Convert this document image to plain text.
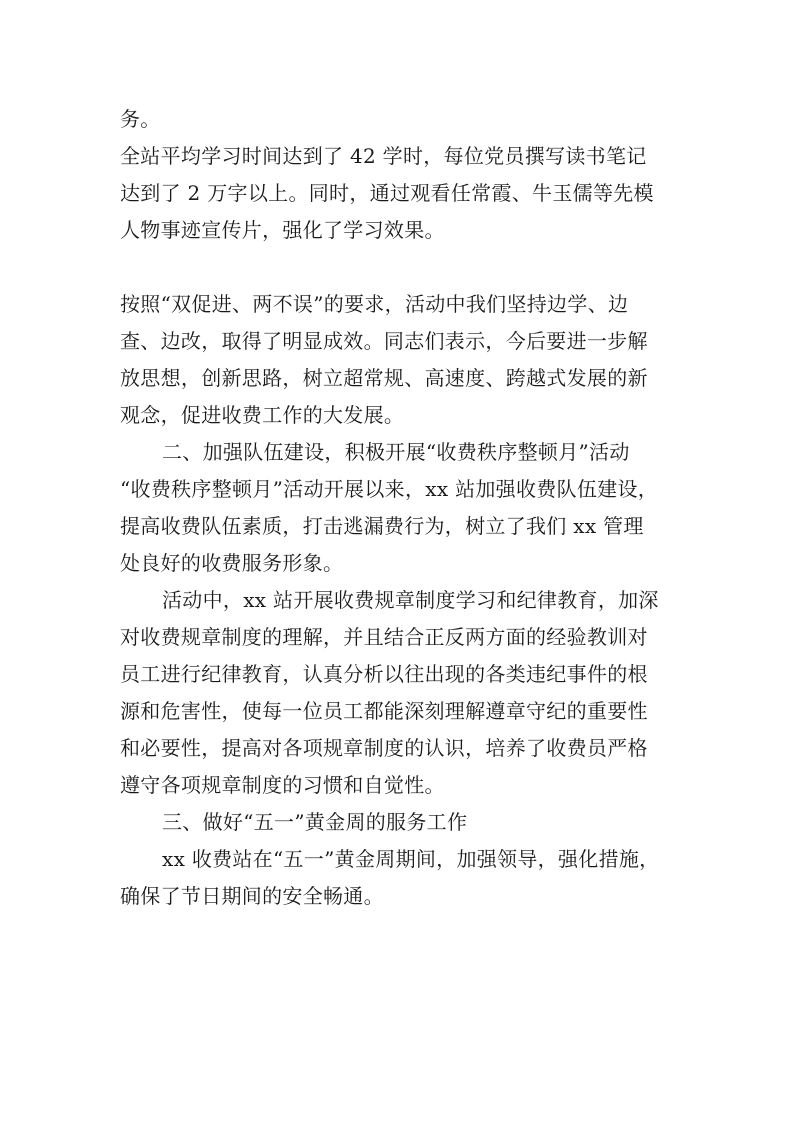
务。
全站平均学习时间达到了 42 学时，每位党员撰写读书笔记
达到了 2 万字以上。同时，通过观看任常霞、牛玉儒等先模
人物事迹宣传片，强化了学习效果。
按照“双促进、两不误”的要求，活动中我们坚持边学、边
查、边改，取得了明显成效。同志们表示，今后要进一步解
放思想，创新思路，树立超常规、高速度、跨越式发展的新
观念，促进收费工作的大发展。
二、加强队伍建设，积极开展“收费秩序整顿月”活动
“收费秩序整顿月”活动开展以来，xx 站加强收费队伍建设，
提高收费队伍素质，打击逃漏费行为，树立了我们 xx 管理
处良好的收费服务形象。
活动中，xx 站开展收费规章制度学习和纪律教育，加深
对收费规章制度的理解，并且结合正反两方面的经验教训对
员工进行纪律教育，认真分析以往出现的各类违纪事件的根
源和危害性，使每一位员工都能深刻理解遵章守纪的重要性
和必要性，提高对各项规章制度的认识，培养了收费员严格
遵守各项规章制度的习惯和自觉性。
三、做好“五一”黄金周的服务工作
xx 收费站在“五一”黄金周期间，加强领导，强化措施，
确保了节日期间的安全畅通。
